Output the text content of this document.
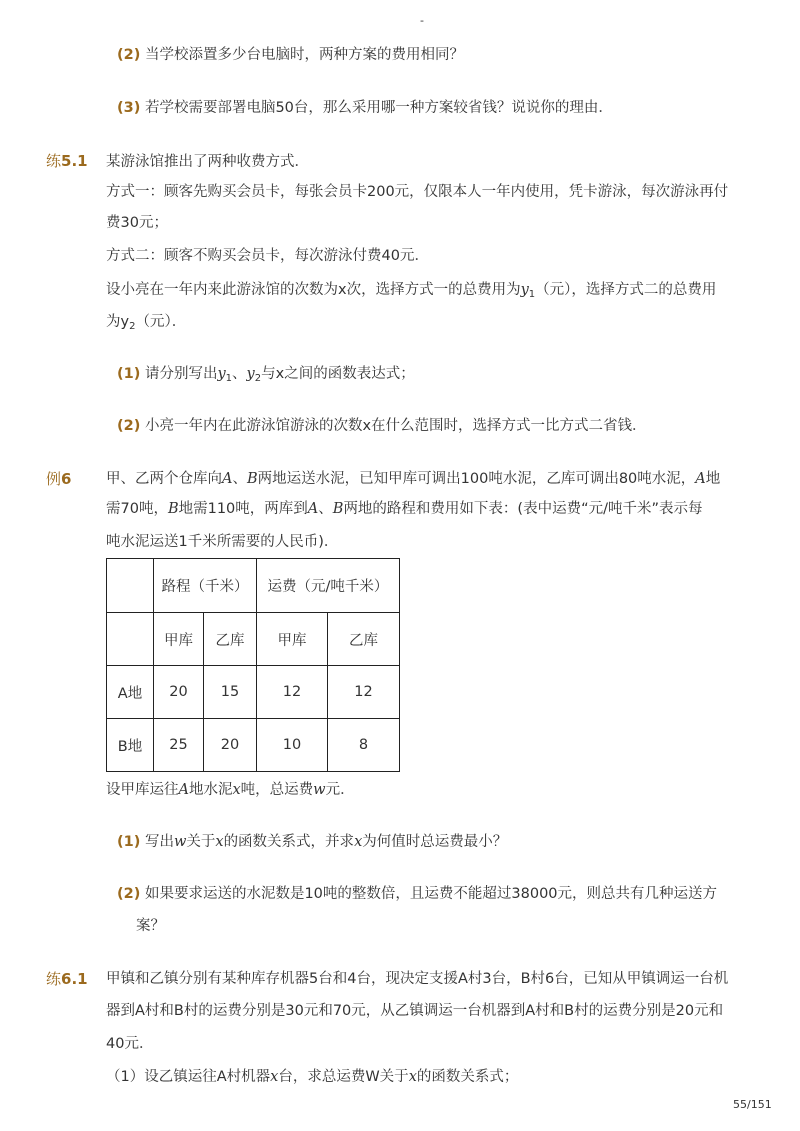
-
(2) 当学校添置多少台电脑时，两种方案的费用相同？
(3) 若学校需要部署电脑50台，那么采用哪一种方案较省钱？说说你的理由．
练5.1 某游泳馆推出了两种收费方式．
方式一：顾客先购买会员卡，每张会员卡200元，仅限本人一年内使用，凭卡游泳，每次游泳再付
费30元；
方式二：顾客不购买会员卡，每次游泳付费40元．
设小亮在一年内来此游泳馆的次数为x次，选择方式一的总费用为$y_1$（元），选择方式二的总费用
为$y_2$（元）．
(1) 请分别写出$y_1$、$y_2$与x之间的函数表达式；
(2) 小亮一年内在此游泳馆游泳的次数x在什么范围时，选择方式一比方式二省钱．
例6 甲、乙两个仓库向A、B两地运送水泥，已知甲库可调出100吨水泥，乙库可调出80吨水泥，A地
需70吨，B地需110吨，两库到A、B两地的路程和费用如下表：(表中运费“元/吨千米”表示每
吨水泥运送1千米所需要的人民币)．
	路程（千米）		运费（元/吨千米）	
	甲库	乙库	甲库	乙库
A地	20	15	12	12
B地	25	20	10	8
设甲库运往A地水泥x吨，总运费w元．
(1) 写出w关于x的函数关系式，并求x为何值时总运费最小？
(2) 如果要求运送的水泥数是10吨的整数倍，且运费不能超过38000元，则总共有几种运送方
案？
练6.1 甲镇和乙镇分别有某种库存机器5台和4台，现决定支援A村3台，B村6台，已知从甲镇调运一台机
器到A村和B村的运费分别是30元和70元，从乙镇调运一台机器到A村和B村的运费分别是20元和
40元．
（1）设乙镇运往A村机器x台，求总运费W关于x的函数关系式；
55/151
